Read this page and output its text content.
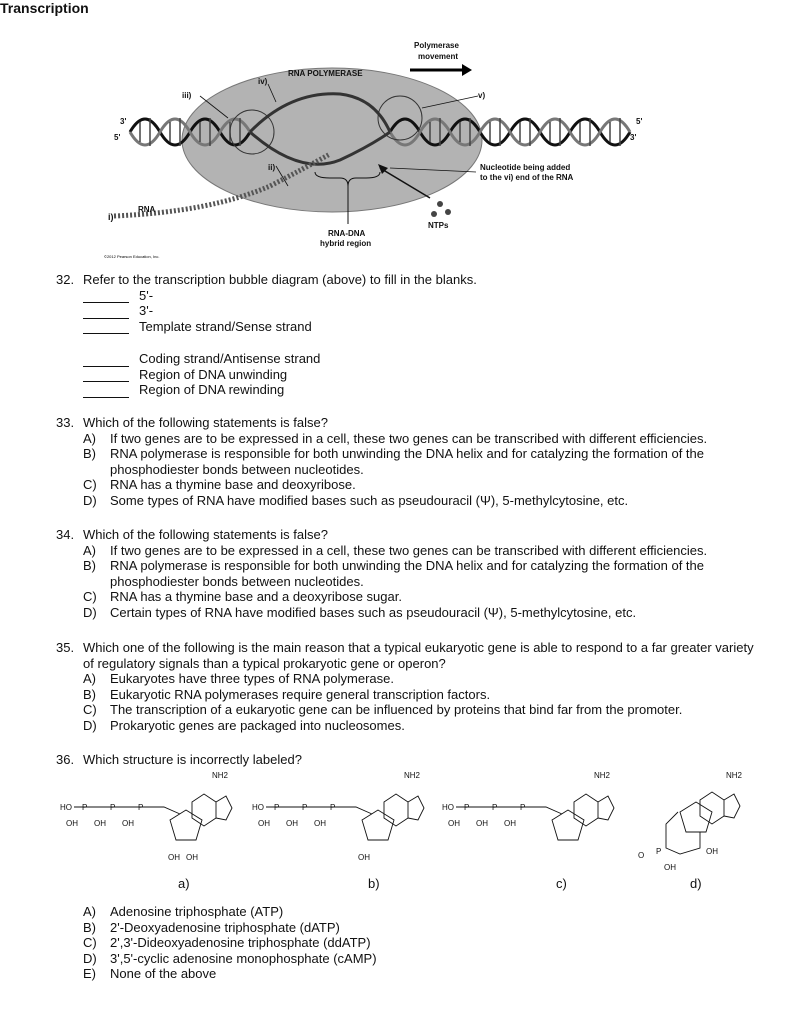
Transcription
RNA POLYMERASE
Polymerase
movement
iii)
iv)
v)
ii)
i)
RNA
RNA-DNA
hybrid region
NTPs
Nucleotide being added
to the vi) end of the RNA
3'
5'
5'
3'
©2012 Pearson Education, Inc.
32. Refer to the transcription bubble diagram (above) to fill in the blanks.
5'-
3'-
Template strand/Sense strand
Coding strand/Antisense strand
Region of DNA unwinding
Region of DNA rewinding
33. Which of the following statements is false?
A)	If two genes are to be expressed in a cell, these two genes can be transcribed with different efficiencies.
B)	RNA polymerase is responsible for both unwinding the DNA helix and for catalyzing the formation of the phosphodiester bonds between nucleotides.
C)	RNA has a thymine base and deoxyribose.
D)	Some types of RNA have modified bases such as pseudouracil (Ψ), 5-methylcytosine, etc.
34. Which of the following statements is false?
A)	If two genes are to be expressed in a cell, these two genes can be transcribed with different efficiencies.
B)	RNA polymerase is responsible for both unwinding the DNA helix and for catalyzing the formation of the phosphodiester bonds between nucleotides.
C)	RNA has a thymine base and a deoxyribose sugar.
D)	Certain types of RNA have modified bases such as pseudouracil (Ψ), 5-methylcytosine, etc.
35. Which one of the following is the main reason that a typical eukaryotic gene is able to respond to a far greater variety of regulatory signals than a typical prokaryotic gene or operon?
A)	Eukaryotes have three types of RNA polymerase.
B)	Eukaryotic RNA polymerases require general transcription factors.
C)	The transcription of a eukaryotic gene can be influenced by proteins that bind far from the promoter.
D)	Prokaryotic genes are packaged into nucleosomes.
36. Which structure is incorrectly labeled?
HO P	P	P
OH OH OH
NH2
OH OH
HO P	P	P
OH OH OH
NH2
OH
HO P	P	P
OH OH OH
NH2	NH2
O P
OH
OH
a)	b)	c)	d)
A)	Adenosine triphosphate (ATP)
B)	2'-Deoxyadenosine triphosphate (dATP)
C)	2',3'-Dideoxyadenosine triphosphate (ddATP)
D)	3',5'-cyclic adenosine monophosphate (cAMP)
E)	None of the above
